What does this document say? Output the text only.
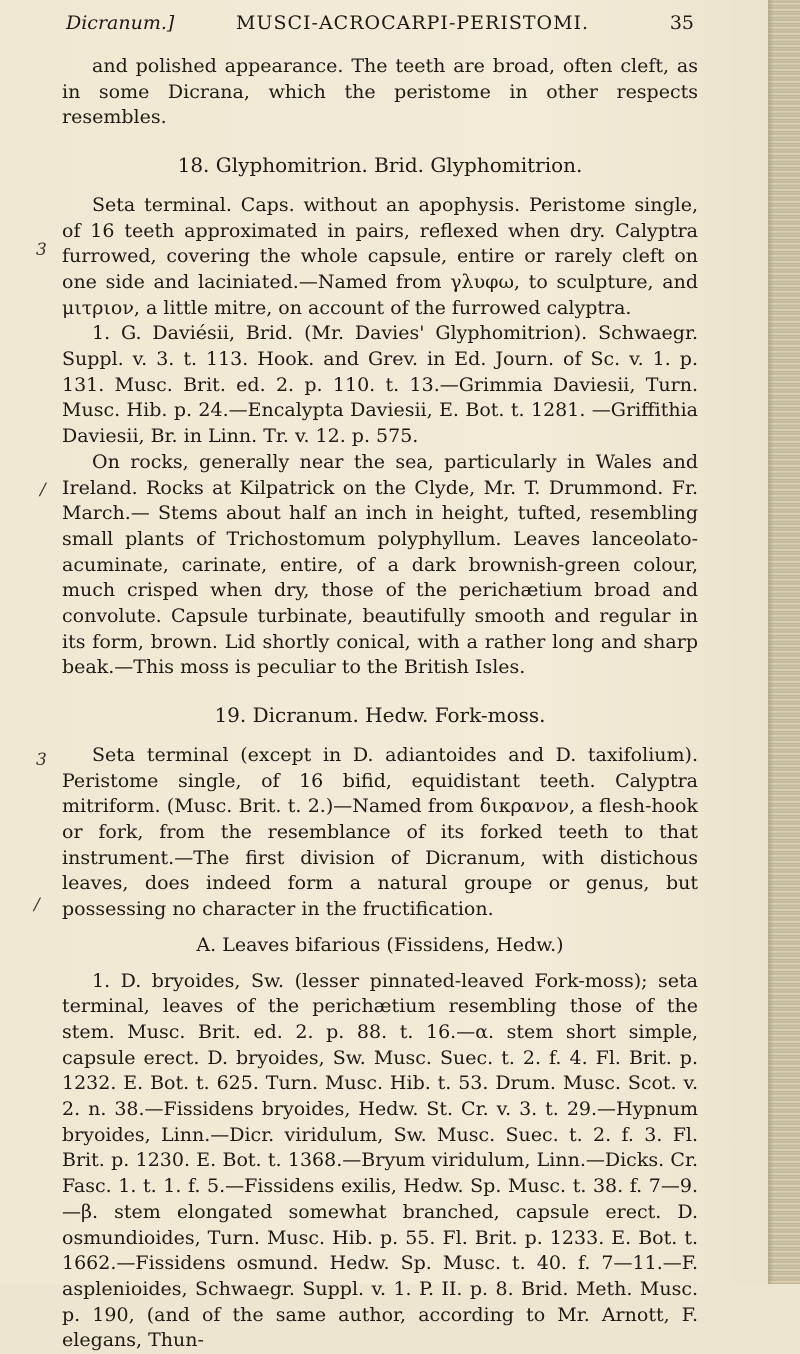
Dicranum.]	MUSCI-ACROCARPI-PERISTOMI.	35

and polished appearance. The teeth are broad, often cleft, as in some Dicrana, which the peristome in other respects resembles.

18. Glyphomitrion. Brid. Glyphomitrion.

Seta terminal. Caps. without an apophysis. Peristome single, of 16 teeth approximated in pairs, reflexed when dry. Calyptra furrowed, covering the whole capsule, entire or rarely cleft on one side and laciniated.—Named from γλυφω, to sculpture, and μιτριον, a little mitre, on account of the furrowed calyptra.

1. G. Daviésii, Brid. (Mr. Davies' Glyphomitrion). Schwaegr. Suppl. v. 3. t. 113. Hook. and Grev. in Ed. Journ. of Sc. v. 1. p. 131. Musc. Brit. ed. 2. p. 110. t. 13.—Grimmia Daviesii, Turn. Musc. Hib. p. 24.—Encalypta Daviesii, E. Bot. t. 1281. —Griffithia Daviesii, Br. in Linn. Tr. v. 12. p. 575.

On rocks, generally near the sea, particularly in Wales and Ireland. Rocks at Kilpatrick on the Clyde, Mr. T. Drummond. Fr. March.— Stems about half an inch in height, tufted, resembling small plants of Trichostomum polyphyllum. Leaves lanceolato-acuminate, carinate, entire, of a dark brownish-green colour, much crisped when dry, those of the perichætium broad and convolute. Capsule turbinate, beautifully smooth and regular in its form, brown. Lid shortly conical, with a rather long and sharp beak.—This moss is peculiar to the British Isles.

19. Dicranum. Hedw. Fork-moss.

Seta terminal (except in D. adiantoides and D. taxifolium). Peristome single, of 16 bifid, equidistant teeth. Calyptra mitriform. (Musc. Brit. t. 2.)—Named from δικρανον, a flesh-hook or fork, from the resemblance of its forked teeth to that instrument.—The first division of Dicranum, with distichous leaves, does indeed form a natural groupe or genus, but possessing no character in the fructification.

A. Leaves bifarious (Fissidens, Hedw.)

1. D. bryoides, Sw. (lesser pinnated-leaved Fork-moss); seta terminal, leaves of the perichætium resembling those of the stem. Musc. Brit. ed. 2. p. 88. t. 16.—α. stem short simple, capsule erect. D. bryoides, Sw. Musc. Suec. t. 2. f. 4. Fl. Brit. p. 1232. E. Bot. t. 625. Turn. Musc. Hib. t. 53. Drum. Musc. Scot. v. 2. n. 38.—Fissidens bryoides, Hedw. St. Cr. v. 3. t. 29.—Hypnum bryoides, Linn.—Dicr. viridulum, Sw. Musc. Suec. t. 2. f. 3. Fl. Brit. p. 1230. E. Bot. t. 1368.—Bryum viridulum, Linn.—Dicks. Cr. Fasc. 1. t. 1. f. 5.—Fissidens exilis, Hedw. Sp. Musc. t. 38. f. 7—9.—β. stem elongated somewhat branched, capsule erect. D. osmundioides, Turn. Musc. Hib. p. 55. Fl. Brit. p. 1233. E. Bot. t. 1662.—Fissidens osmund. Hedw. Sp. Musc. t. 40. f. 7—11.—F. asplenioides, Schwaegr. Suppl. v. 1. P. II. p. 8. Brid. Meth. Musc. p. 190, (and of the same author, according to Mr. Arnott, F. elegans, Thun-

3
/
3
/
